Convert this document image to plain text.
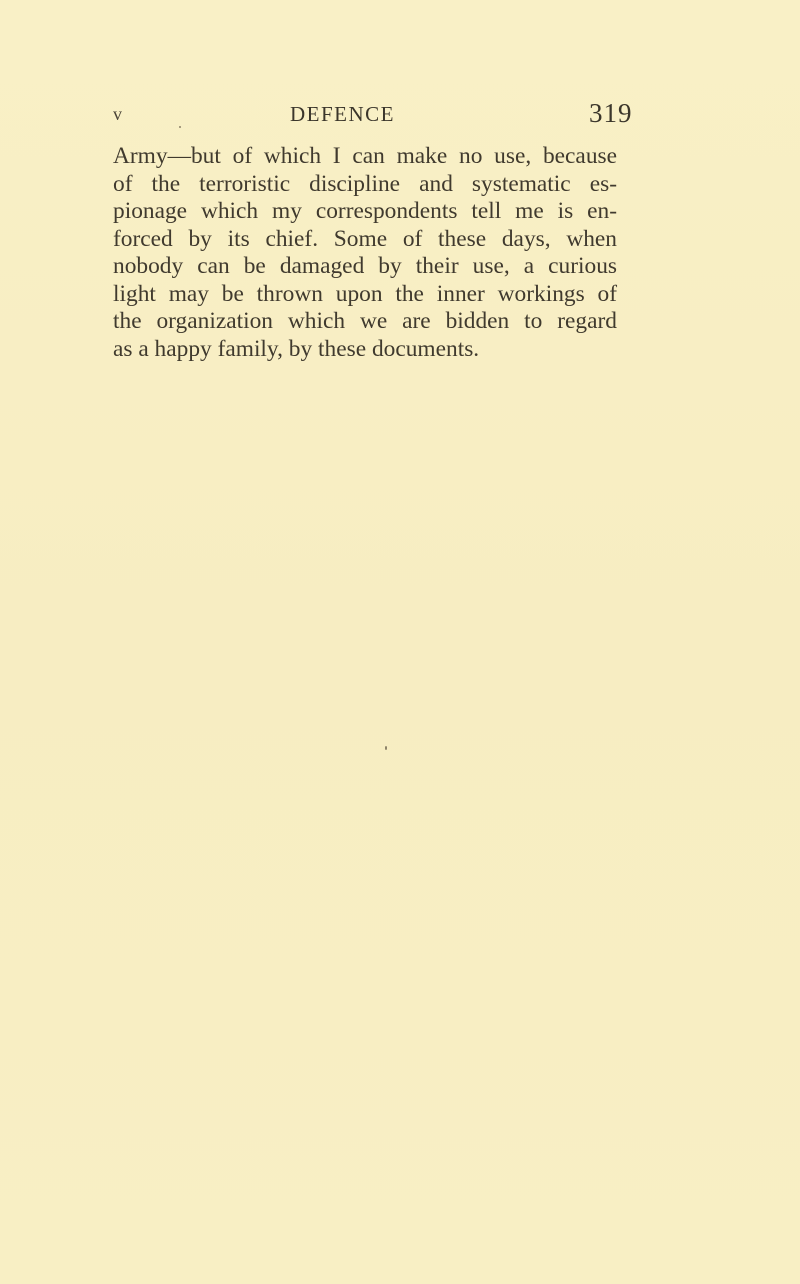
v	DEFENCE	319
Army—but of which I can make no use, because
of the terroristic discipline and systematic es-
pionage which my correspondents tell me is en-
forced by its chief. Some of these days, when
nobody can be damaged by their use, a curious
light may be thrown upon the inner workings of
the organization which we are bidden to regard
as a happy family, by these documents.
